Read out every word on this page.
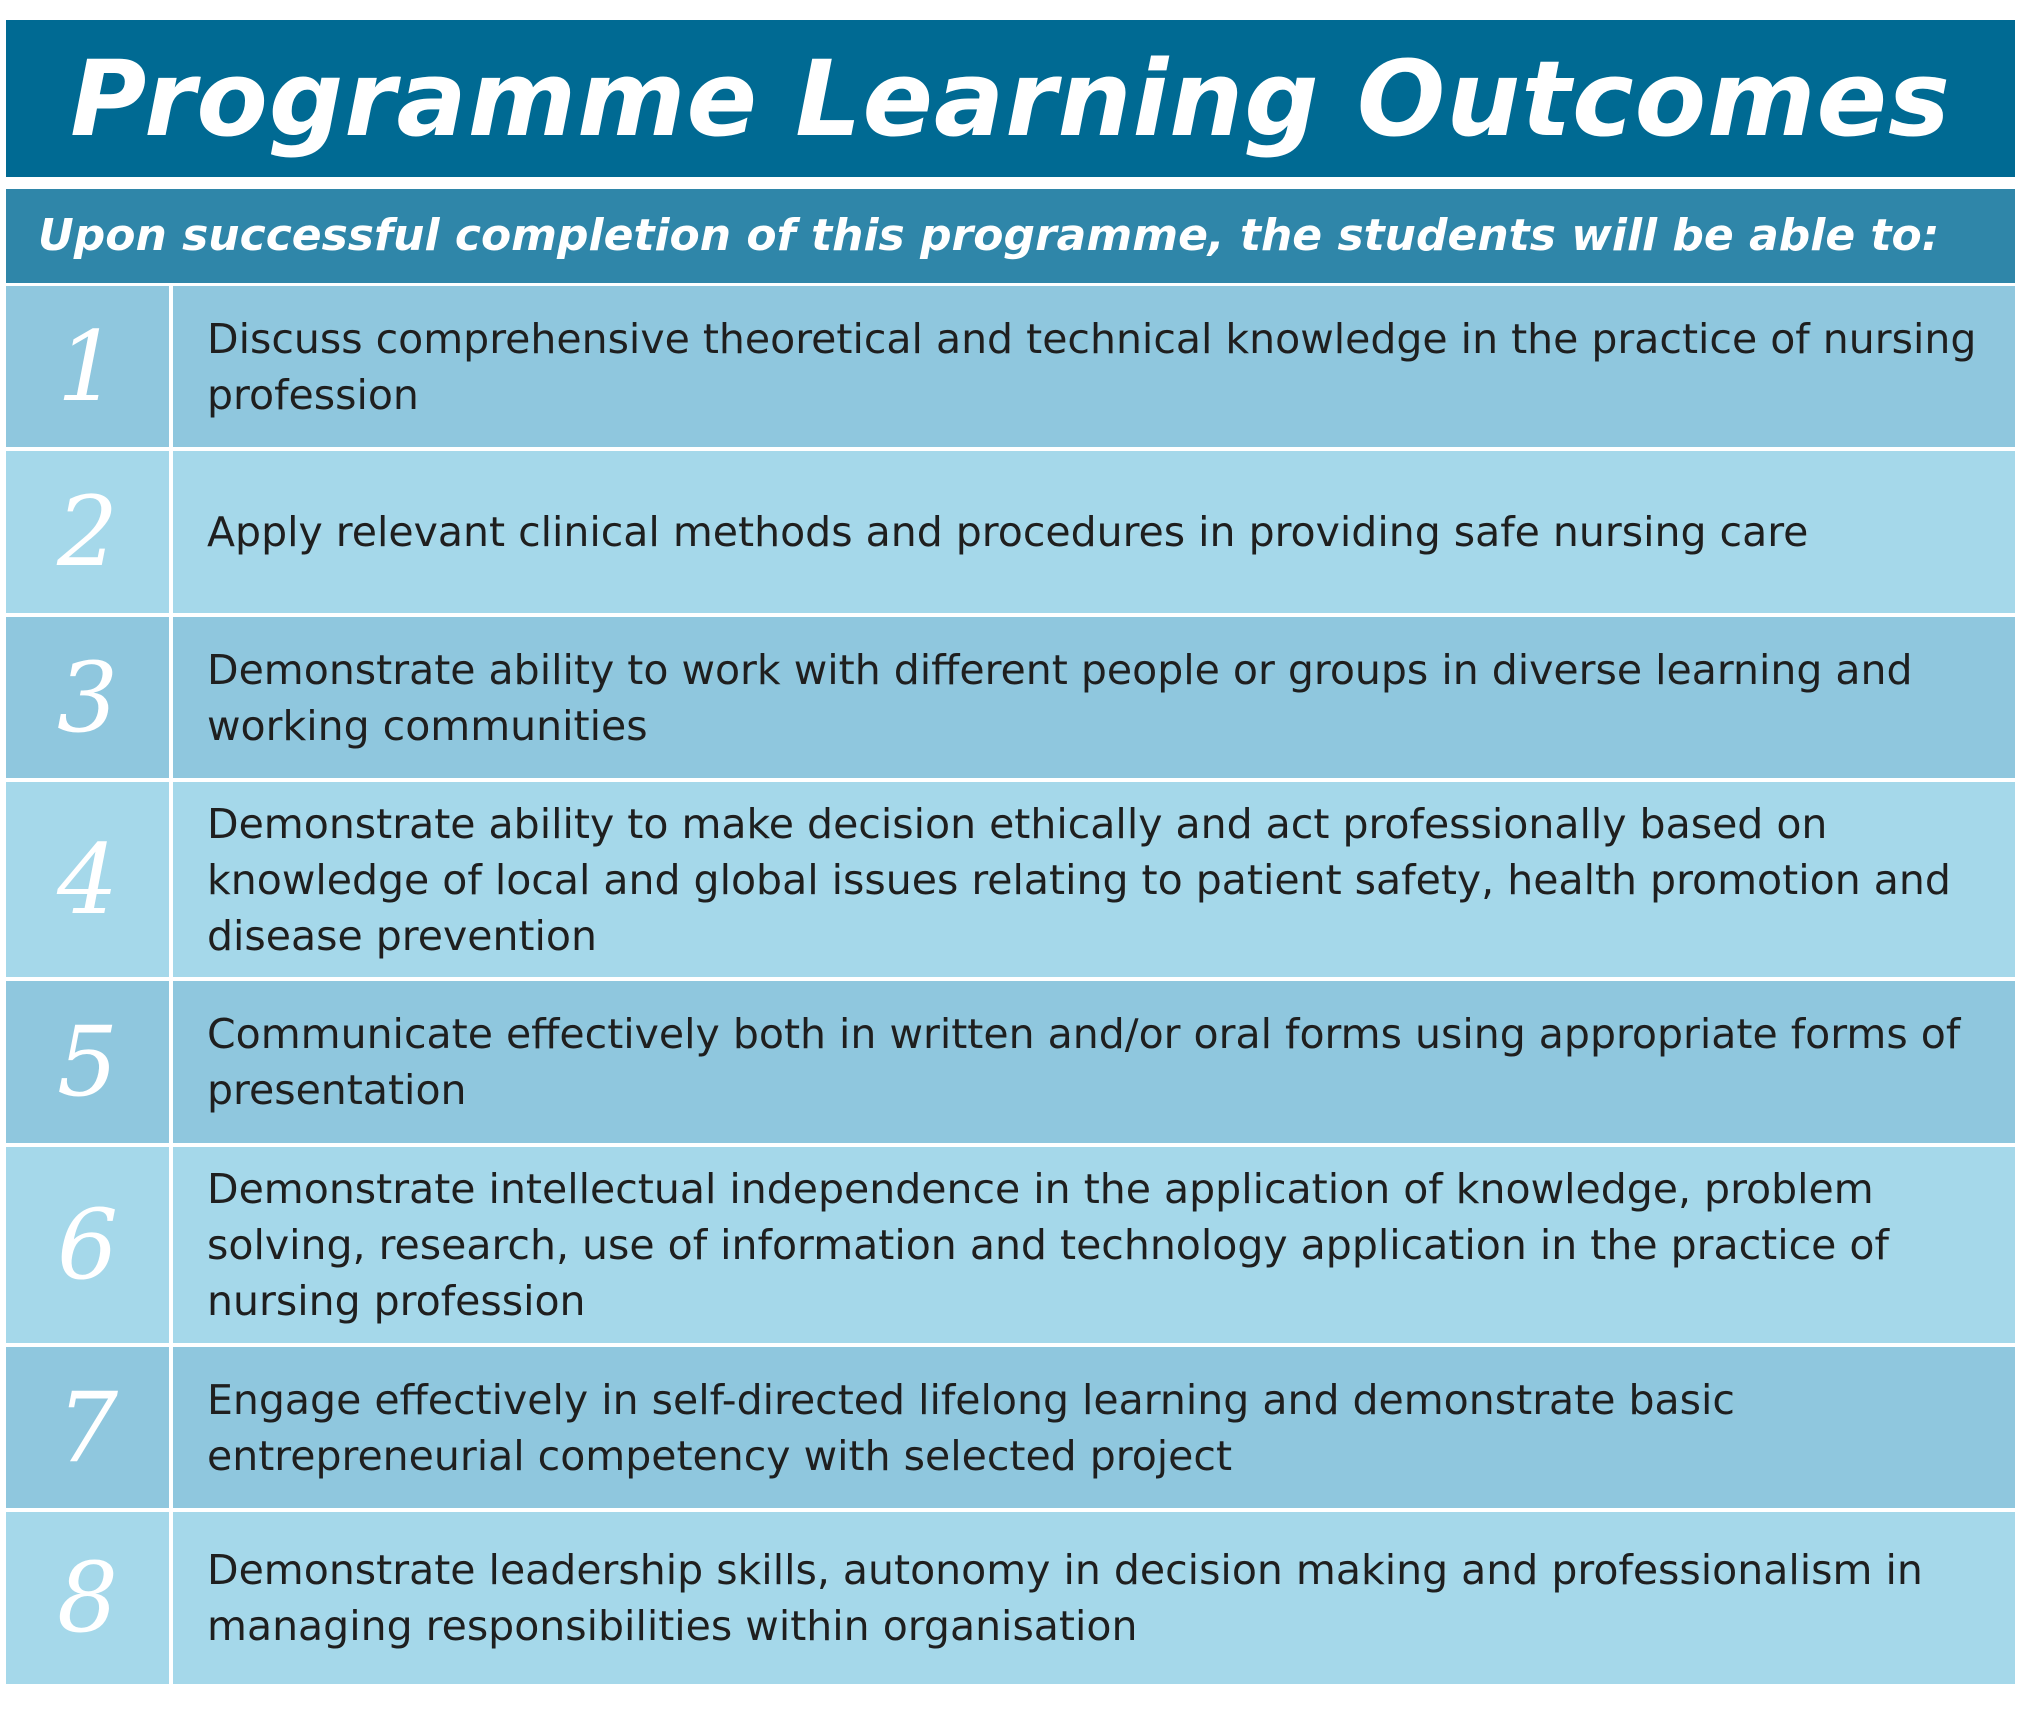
Programme Learning Outcomes
Upon successful completion of this programme, the students will be able to:
1 Discuss comprehensive theoretical and technical knowledge in the practice of nursing profession
2 Apply relevant clinical methods and procedures in providing safe nursing care
3 Demonstrate ability to work with different people or groups in diverse learning and working communities
4 Demonstrate ability to make decision ethically and act professionally based on knowledge of local and global issues relating to patient safety, health promotion and disease prevention
5 Communicate effectively both in written and/or oral forms using appropriate forms of presentation
6 Demonstrate intellectual independence in the application of knowledge, problem solving, research, use of information and technology application in the practice of nursing profession
7 Engage effectively in self-directed lifelong learning and demonstrate basic entrepreneurial competency with selected project
8 Demonstrate leadership skills, autonomy in decision making and professionalism in managing responsibilities within organisation
